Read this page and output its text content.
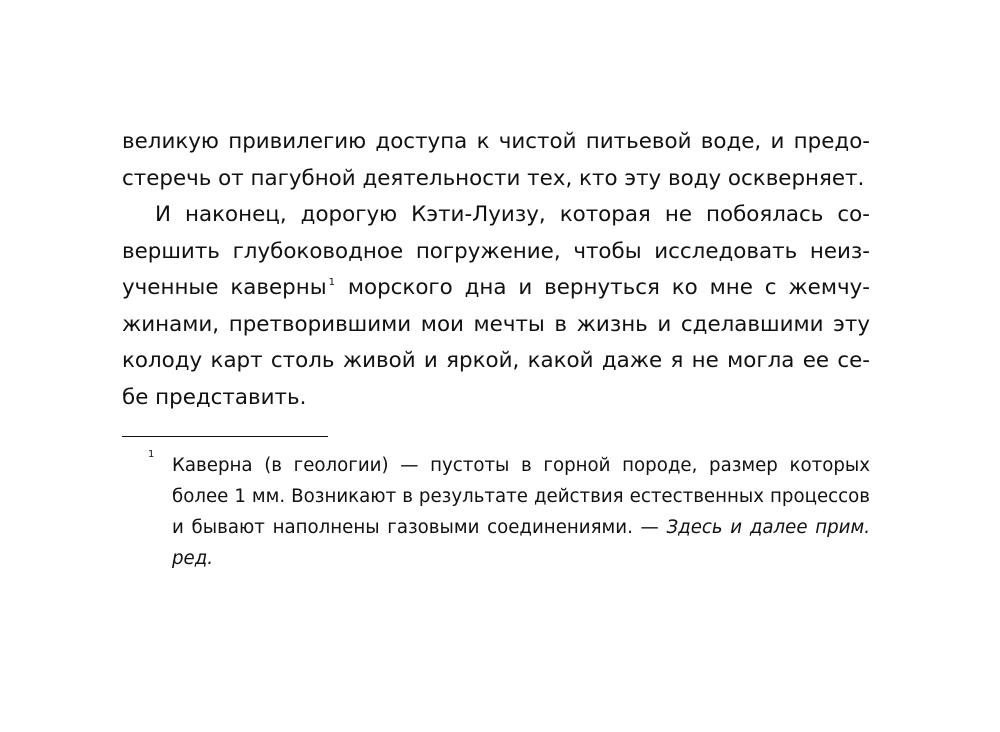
великую привилегию доступа к чистой питьевой воде, и предо-
стеречь от пагубной деятельности тех, кто эту воду оскверняет.
И наконец, дорогую Кэти-Луизу, которая не побоялась со-
вершить глубоководное погружение, чтобы исследовать неиз-
ученные каверны $^1$ морского дна и вернуться ко мне с жемчу-
жинами, претворившими мои мечты в жизнь и сделавшими эту
колоду карт столь живой и яркой, какой даже я не могла ее се-
бе представить.
1
Каверна (в геологии) — пустоты в горной породе, размер которых
более 1 мм. Возникают в результате действия естественных процессов
и бывают наполнены газовыми соединениями. — Здесь и далее прим.
ред.
